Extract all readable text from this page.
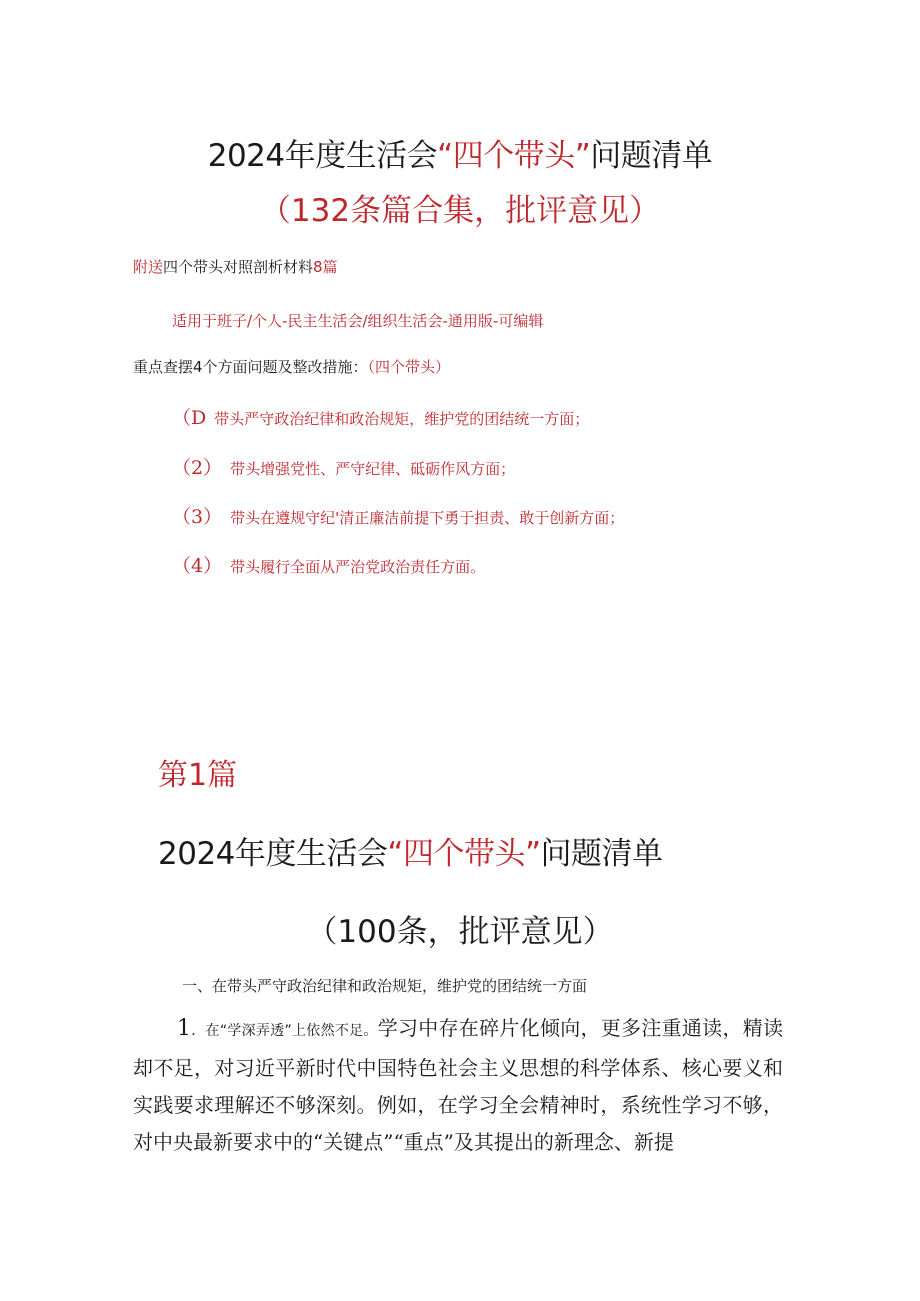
2024年度生活会“四个带头”问题清单
（132条篇合集，批评意见）
附送四个带头对照剖析材料8篇
适用于班子/个人-民主生活会/组织生活会-通用版-可编辑
重点查摆4个方面问题及整改措施：（四个带头）
（D 带头严守政治纪律和政治规矩，维护党的团结统一方面；
（2） 带头增强党性、严守纪律、砥砺作风方面；
（3） 带头在遵规守纪'清正廉洁前提下勇于担责、敢于创新方面；
（4） 带头履行全面从严治党政治责任方面。
第1篇
2024年度生活会“四个带头”问题清单
（100条，批评意见）
一、在带头严守政治纪律和政治规矩，维护党的团结统一方面
1．在“学深弄透”上依然不足。学习中存在碎片化倾向，更多注重通读，精读却不足，对习近平新时代中国特色社会主义思想的科学体系、核心要义和实践要求理解还不够深刻。例如，在学习全会精神时，系统性学习不够，对中央最新要求中的“关键点”“重点”及其提出的新理念、新提
